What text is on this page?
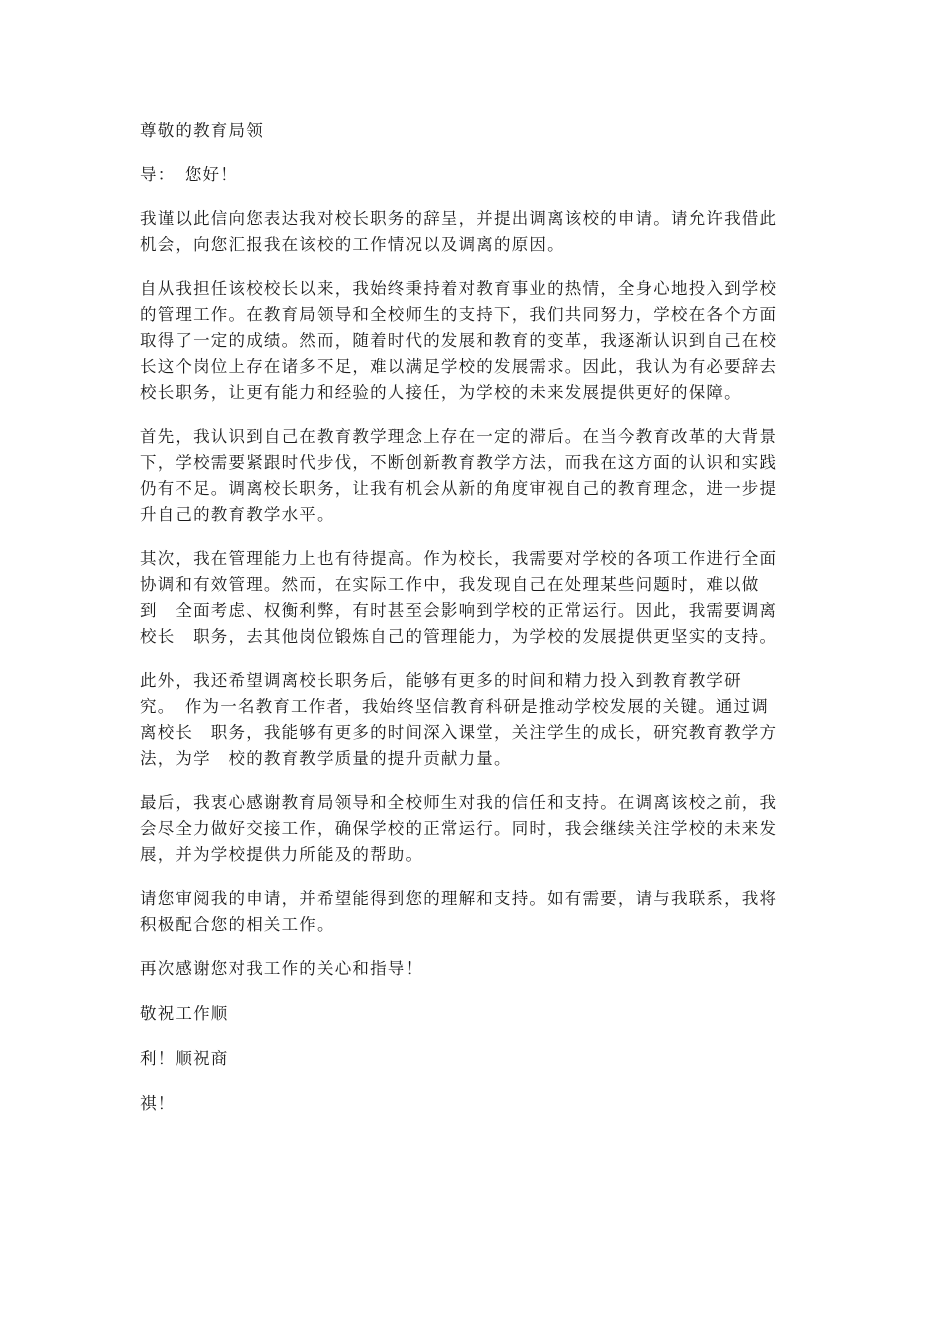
尊敬的教育局领

导：　您好！

我谨以此信向您表达我对校长职务的辞呈，并提出调离该校的申请。请允许我借此

机会，向您汇报我在该校的工作情况以及调离的原因。

自从我担任该校校长以来，我始终秉持着对教育事业的热情，全身心地投入到学校

的管理工作。在教育局领导和全校师生的支持下，我们共同努力，学校在各个方面

取得了一定的成绩。然而，随着时代的发展和教育的变革，我逐渐认识到自己在校

长这个岗位上存在诸多不足，难以满足学校的发展需求。因此，我认为有必要辞去

校长职务，让更有能力和经验的人接任，为学校的未来发展提供更好的保障。

首先，我认识到自己在教育教学理念上存在一定的滞后。在当今教育改革的大背景

下，学校需要紧跟时代步伐，不断创新教育教学方法，而我在这方面的认识和实践

仍有不足。调离校长职务，让我有机会从新的角度审视自己的教育理念，进一步提

升自己的教育教学水平。

其次，我在管理能力上也有待提高。作为校长，我需要对学校的各项工作进行全面

协调和有效管理。然而，在实际工作中，我发现自己在处理某些问题时，难以做

到　全面考虑、权衡利弊，有时甚至会影响到学校的正常运行。因此，我需要调离

校长　职务，去其他岗位锻炼自己的管理能力，为学校的发展提供更坚实的支持。

此外，我还希望调离校长职务后，能够有更多的时间和精力投入到教育教学研

究。　作为一名教育工作者，我始终坚信教育科研是推动学校发展的关键。通过调

离校长　职务，我能够有更多的时间深入课堂，关注学生的成长，研究教育教学方

法，为学　校的教育教学质量的提升贡献力量。

最后，我衷心感谢教育局领导和全校师生对我的信任和支持。在调离该校之前，我

会尽全力做好交接工作，确保学校的正常运行。同时，我会继续关注学校的未来发

展，并为学校提供力所能及的帮助。

请您审阅我的申请，并希望能得到您的理解和支持。如有需要，请与我联系，我将

积极配合您的相关工作。

再次感谢您对我工作的关心和指导！

敬祝工作顺

利！顺祝商

祺！
